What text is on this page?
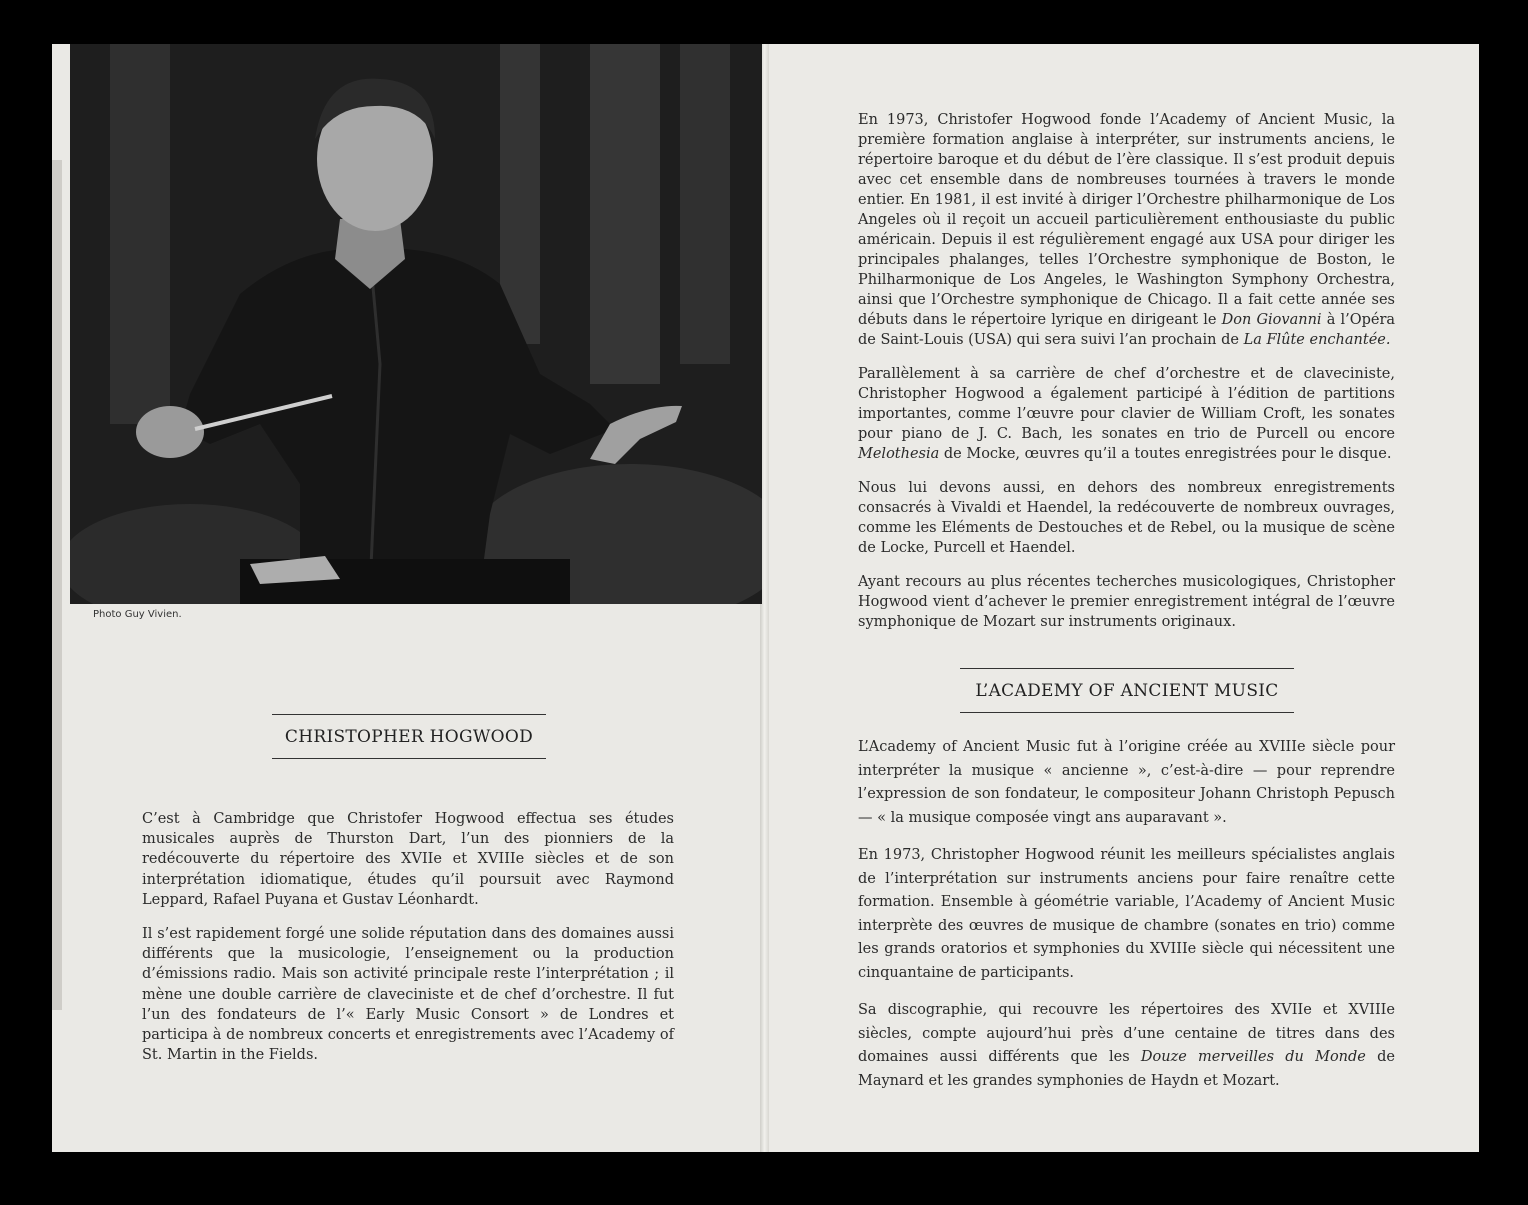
Photo Guy Vivien.
CHRISTOPHER HOGWOOD

C’est à Cambridge que Christofer Hogwood effectua ses études musicales auprès de Thurston Dart, l’un des pionniers de la redécouverte du répertoire des XVIIe et XVIIIe siècles et de son interprétation idiomatique, études qu’il poursuit avec Raymond Leppard, Rafael Puyana et Gustav Léonhardt.

Il s’est rapidement forgé une solide réputation dans des domaines aussi différents que la musicologie, l’enseignement ou la production d’émissions radio. Mais son activité principale reste l’interprétation ; il mène une double carrière de claveciniste et de chef d’orchestre. Il fut l’un des fondateurs de l’« Early Music Consort » de Londres et participa à de nombreux concerts et enregistrements avec l’Academy of St. Martin in the Fields.

En 1973, Christofer Hogwood fonde l’Academy of Ancient Music, la première formation anglaise à interpréter, sur instruments anciens, le répertoire baroque et du début de l’ère classique. Il s’est produit depuis avec cet ensemble dans de nombreuses tournées à travers le monde entier. En 1981, il est invité à diriger l’Orchestre philharmonique de Los Angeles où il reçoit un accueil particulièrement enthousiaste du public américain. Depuis il est régulièrement engagé aux USA pour diriger les principales phalanges, telles l’Orchestre symphonique de Boston, le Philharmonique de Los Angeles, le Washington Symphony Orchestra, ainsi que l’Orchestre symphonique de Chicago. Il a fait cette année ses débuts dans le répertoire lyrique en dirigeant le Don Giovanni à l’Opéra de Saint-Louis (USA) qui sera suivi l’an prochain de La Flûte enchantée.

Parallèlement à sa carrière de chef d’orchestre et de claveciniste, Christopher Hogwood a également participé à l’édition de partitions importantes, comme l’œuvre pour clavier de William Croft, les sonates pour piano de J. C. Bach, les sonates en trio de Purcell ou encore Melothesia de Mocke, œuvres qu’il a toutes enregistrées pour le disque.

Nous lui devons aussi, en dehors des nombreux enregistrements consacrés à Vivaldi et Haendel, la redécouverte de nombreux ouvrages, comme les Eléments de Destouches et de Rebel, ou la musique de scène de Locke, Purcell et Haendel.

Ayant recours au plus récentes techerches musicologiques, Christopher Hogwood vient d’achever le premier enregistrement intégral de l’œuvre symphonique de Mozart sur instruments originaux.

L’ACADEMY OF ANCIENT MUSIC

L’Academy of Ancient Music fut à l’origine créée au XVIIIe siècle pour interpréter la musique « ancienne », c’est-à-dire — pour reprendre l’expression de son fondateur, le compositeur Johann Christoph Pepusch — « la musique composée vingt ans auparavant ».

En 1973, Christopher Hogwood réunit les meilleurs spécialistes anglais de l’interprétation sur instruments anciens pour faire renaître cette formation. Ensemble à géométrie variable, l’Academy of Ancient Music interprète des œuvres de musique de chambre (sonates en trio) comme les grands oratorios et symphonies du XVIIIe siècle qui nécessitent une cinquantaine de participants.

Sa discographie, qui recouvre les répertoires des XVIIe et XVIIIe siècles, compte aujourd’hui près d’une centaine de titres dans des domaines aussi différents que les Douze merveilles du Monde de Maynard et les grandes symphonies de Haydn et Mozart.
